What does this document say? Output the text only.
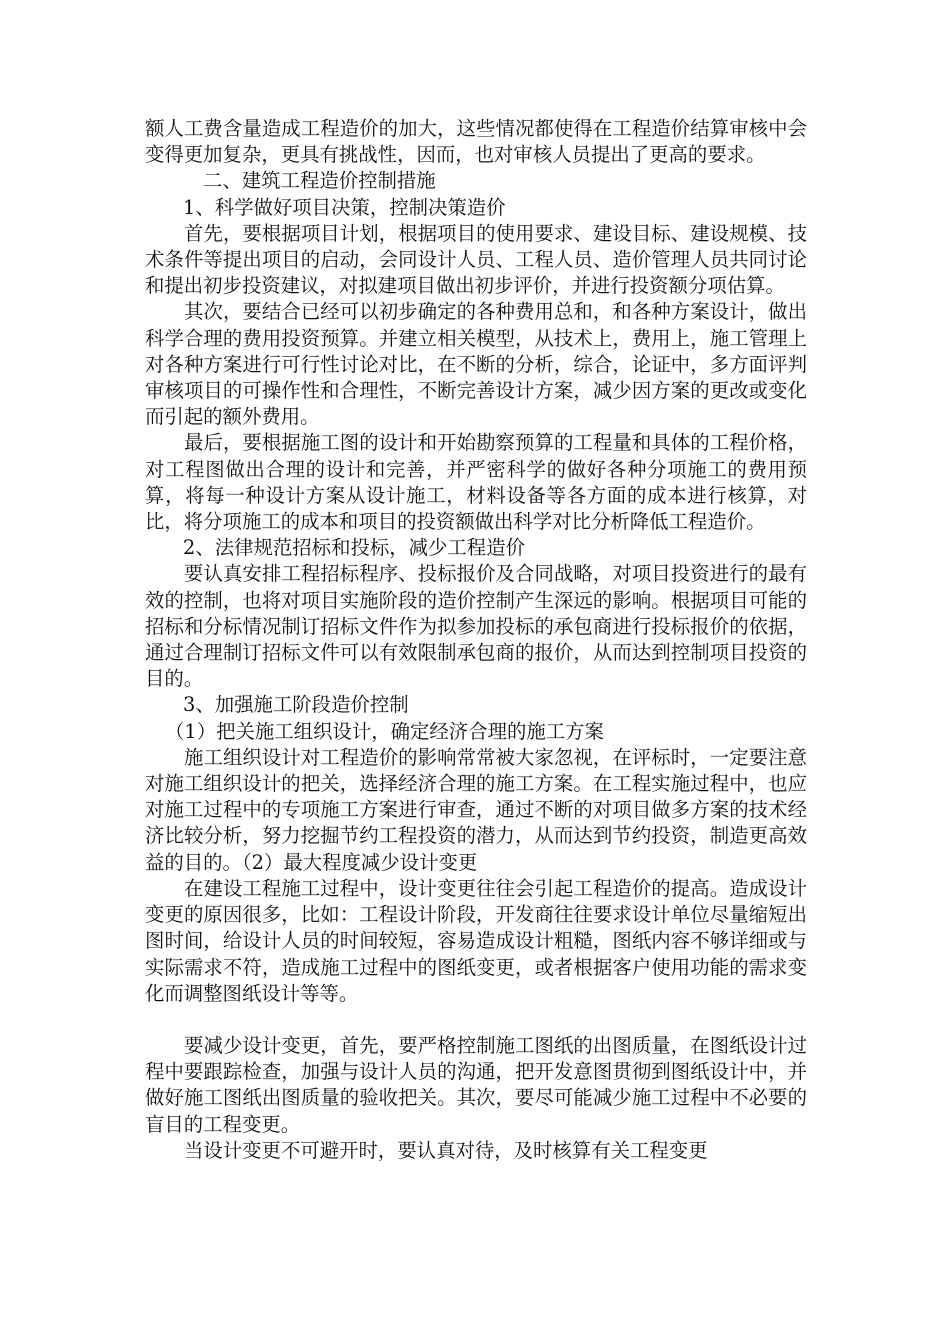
额人工费含量造成工程造价的加大，这些情况都使得在工程造价结算审核中会变得更加复杂，更具有挑战性，因而，也对审核人员提出了更高的要求。

二、建筑工程造价控制措施

1、科学做好项目决策，控制决策造价

首先，要根据项目计划，根据项目的使用要求、建设目标、建设规模、技术条件等提出项目的启动，会同设计人员、工程人员、造价管理人员共同讨论和提出初步投资建议，对拟建项目做出初步评价，并进行投资额分项估算。

其次，要结合已经可以初步确定的各种费用总和，和各种方案设计，做出科学合理的费用投资预算。并建立相关模型，从技术上，费用上，施工管理上对各种方案进行可行性讨论对比，在不断的分析，综合，论证中，多方面评判审核项目的可操作性和合理性，不断完善设计方案，减少因方案的更改或变化而引起的额外费用。

最后，要根据施工图的设计和开始勘察预算的工程量和具体的工程价格，对工程图做出合理的设计和完善，并严密科学的做好各种分项施工的费用预算，将每一种设计方案从设计施工，材料设备等各方面的成本进行核算，对比，将分项施工的成本和项目的投资额做出科学对比分析降低工程造价。

2、法律规范招标和投标，减少工程造价

要认真安排工程招标程序、投标报价及合同战略，对项目投资进行的最有效的控制，也将对项目实施阶段的造价控制产生深远的影响。根据项目可能的招标和分标情况制订招标文件作为拟参加投标的承包商进行投标报价的依据，通过合理制订招标文件可以有效限制承包商的报价，从而达到控制项目投资的目的。

3、加强施工阶段造价控制

（1）把关施工组织设计，确定经济合理的施工方案

施工组织设计对工程造价的影响常常被大家忽视，在评标时，一定要注意对施工组织设计的把关，选择经济合理的施工方案。在工程实施过程中，也应对施工过程中的专项施工方案进行审查，通过不断的对项目做多方案的技术经济比较分析，努力挖掘节约工程投资的潜力，从而达到节约投资，制造更高效益的目的。（2）最大程度减少设计变更

在建设工程施工过程中，设计变更往往会引起工程造价的提高。造成设计变更的原因很多，比如：工程设计阶段，开发商往往要求设计单位尽量缩短出图时间，给设计人员的时间较短，容易造成设计粗糙，图纸内容不够详细或与实际需求不符，造成施工过程中的图纸变更，或者根据客户使用功能的需求变化而调整图纸设计等等。

要减少设计变更，首先，要严格控制施工图纸的出图质量，在图纸设计过程中要跟踪检查，加强与设计人员的沟通，把开发意图贯彻到图纸设计中，并做好施工图纸出图质量的验收把关。其次，要尽可能减少施工过程中不必要的盲目的工程变更。

当设计变更不可避开时，要认真对待，及时核算有关工程变更
